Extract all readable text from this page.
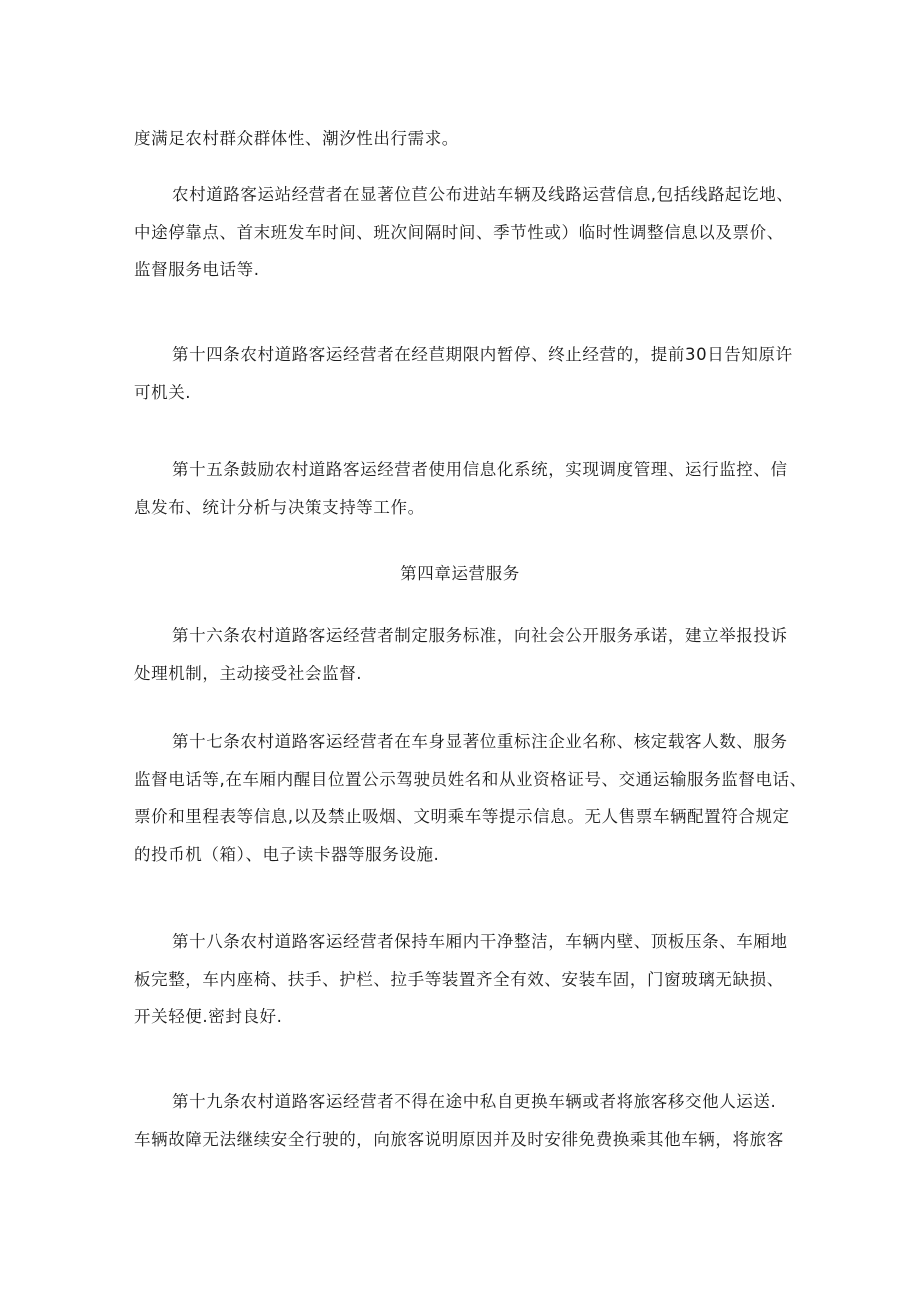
度满足农村群众群体性、潮汐性出行需求。
农村道路客运站经营者在显著位苣公布进站车辆及线路运营信息,包括线路起讫地、
中途停靠点、首末班发车时间、班次间隔时间、季节性或）临时性调整信息以及票价、
监督服务电话等.
第十四条农村道路客运经营者在经苣期限内暂停、终止经营的，提前30日告知原许
可机关.
第十五条鼓励农村道路客运经营者使用信息化系统，实现调度管理、运行监控、信
息发布、统计分析与决策支持等工作。
第四章运营服务
第十六条农村道路客运经营者制定服务标准，向社会公开服务承诺，建立举报投诉
处理机制，主动接受社会监督.
第十七条农村道路客运经营者在车身显著位重标注企业名称、核定载客人数、服务
监督电话等,在车厢内醒目位置公示驾驶员姓名和从业资格证号、交通运输服务监督电话、
票价和里程表等信息,以及禁止吸烟、文明乘车等提示信息。无人售票车辆配置符合规定
的投币机（箱）、电子读卡器等服务设施.
第十八条农村道路客运经营者保持车厢内干净整洁，车辆内壁、顶板压条、车厢地
板完整，车内座椅、扶手、护栏、拉手等装置齐全有效、安装车固，门窗玻璃无缺损、
开关轻便.密封良好.
第十九条农村道路客运经营者不得在途中私自更换车辆或者将旅客移交他人运送.
车辆故障无法继续安全行驶的，向旅客说明原因并及时安徘免费换乘其他车辆，将旅客
